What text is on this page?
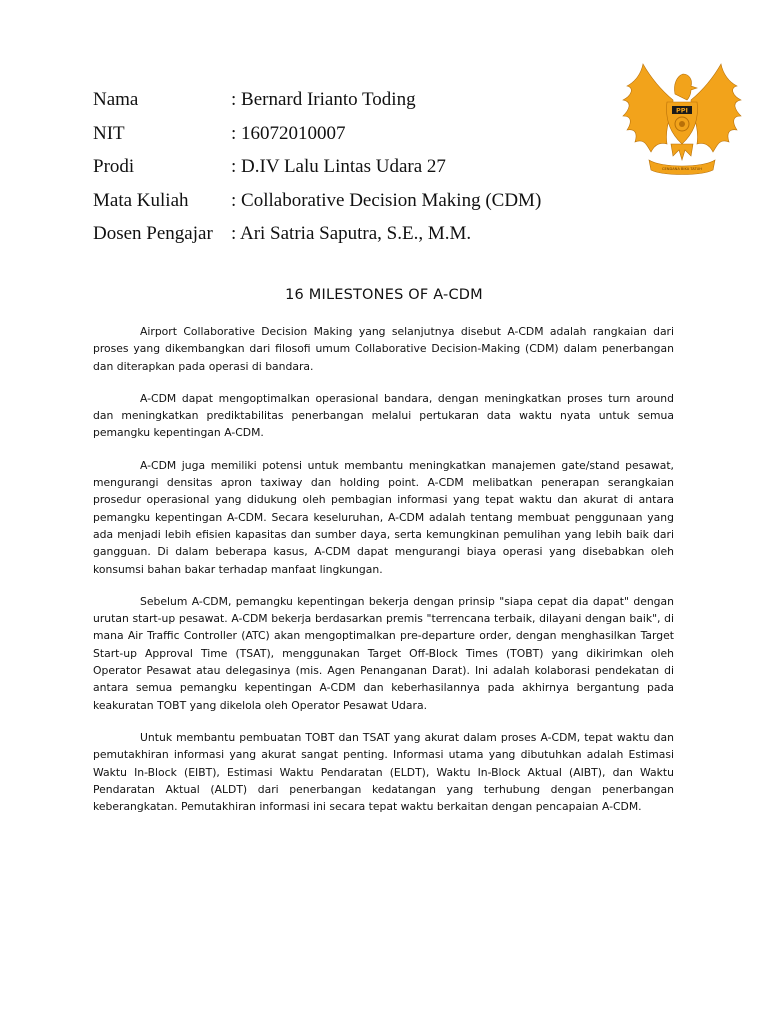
Nama	: Bernard Irianto Toding
NIT	: 16072010007
Prodi	: D.IV Lalu Lintas Udara 27
Mata Kuliah	: Collaborative Decision Making (CDM)
Dosen Pengajar : Ari Satria Saputra, S.E., M.M.
PPI
CENDANA BIKA TATUH
16 MILESTONES OF A-CDM

Airport Collaborative Decision Making yang selanjutnya disebut A-CDM adalah rangkaian dari proses yang dikembangkan dari filosofi umum Collaborative Decision-Making (CDM) dalam penerbangan dan diterapkan pada operasi di bandara.

A-CDM dapat mengoptimalkan operasional bandara, dengan meningkatkan proses turn around dan meningkatkan prediktabilitas penerbangan melalui pertukaran data waktu nyata untuk semua pemangku kepentingan A-CDM.

A-CDM juga memiliki potensi untuk membantu meningkatkan manajemen gate/stand pesawat, mengurangi densitas apron taxiway dan holding point. A-CDM melibatkan penerapan serangkaian prosedur operasional yang didukung oleh pembagian informasi yang tepat waktu dan akurat di antara pemangku kepentingan A-CDM. Secara keseluruhan, A-CDM adalah tentang membuat penggunaan yang ada menjadi lebih efisien kapasitas dan sumber daya, serta kemungkinan pemulihan yang lebih baik dari gangguan. Di dalam beberapa kasus, A-CDM dapat mengurangi biaya operasi yang disebabkan oleh konsumsi bahan bakar terhadap manfaat lingkungan.

Sebelum A-CDM, pemangku kepentingan bekerja dengan prinsip "siapa cepat dia dapat" dengan urutan start-up pesawat. A-CDM bekerja berdasarkan premis "terrencana terbaik, dilayani dengan baik", di mana Air Traffic Controller (ATC) akan mengoptimalkan pre-departure order, dengan menghasilkan Target Start-up Approval Time (TSAT), menggunakan Target Off-Block Times (TOBT) yang dikirimkan oleh Operator Pesawat atau delegasinya (mis. Agen Penanganan Darat). Ini adalah kolaborasi pendekatan di antara semua pemangku kepentingan A-CDM dan keberhasilannya pada akhirnya bergantung pada keakuratan TOBT yang dikelola oleh Operator Pesawat Udara.

Untuk membantu pembuatan TOBT dan TSAT yang akurat dalam proses A-CDM, tepat waktu dan pemutakhiran informasi yang akurat sangat penting. Informasi utama yang dibutuhkan adalah Estimasi Waktu In-Block (EIBT), Estimasi Waktu Pendaratan (ELDT), Waktu In-Block Aktual (AIBT), dan Waktu Pendaratan Aktual (ALDT) dari penerbangan kedatangan yang terhubung dengan penerbangan keberangkatan. Pemutakhiran informasi ini secara tepat waktu berkaitan dengan pencapaian A-CDM.
